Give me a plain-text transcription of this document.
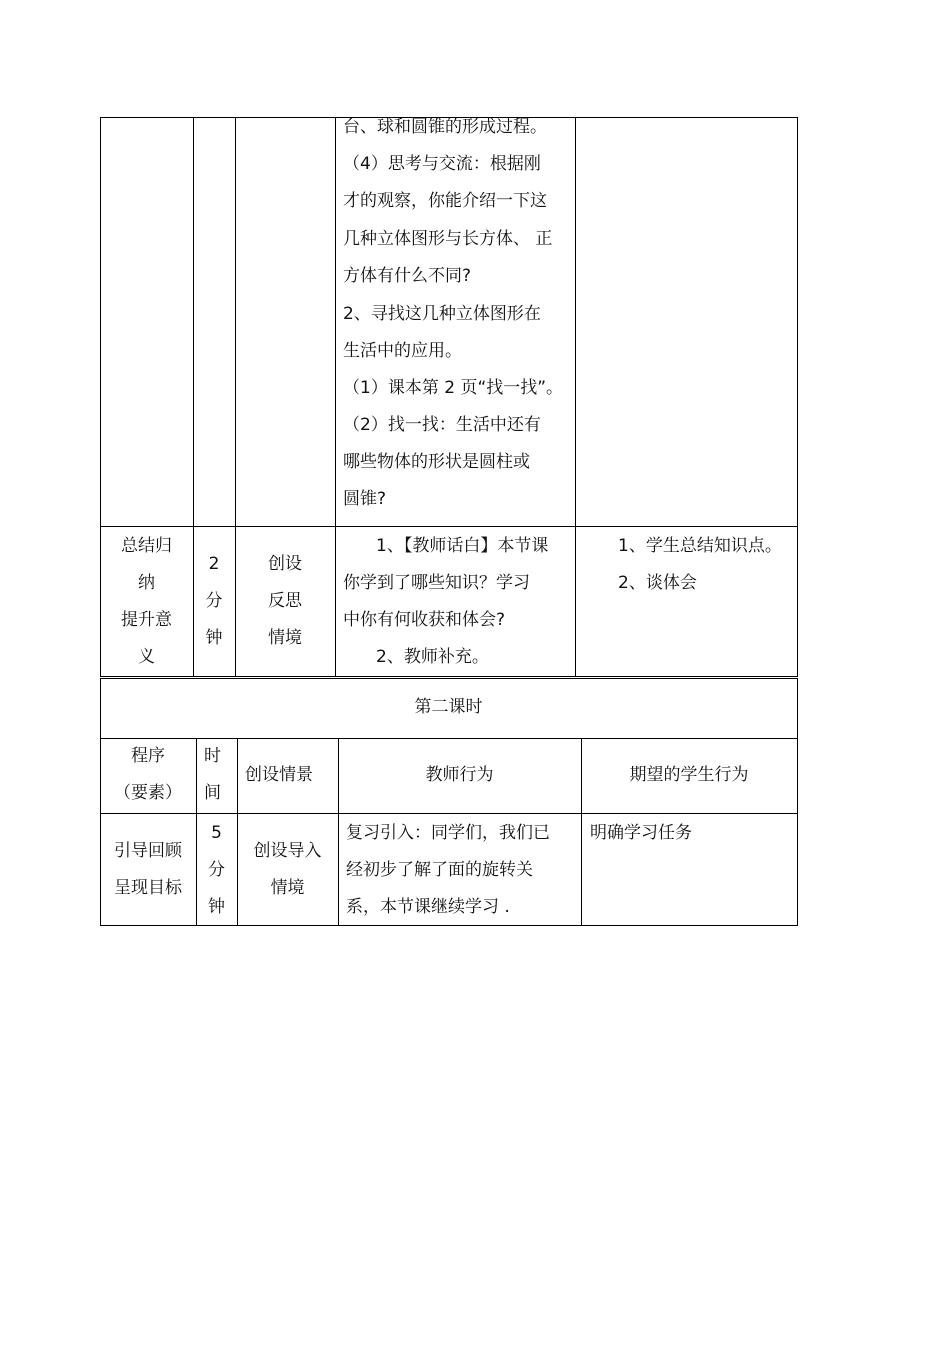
台、球和圆锥的形成过程。
（4）思考与交流：根据刚
才的观察，你能介绍一下这
几种立体图形与长方体、 正
方体有什么不同?
2、寻找这几种立体图形在
生活中的应用。
（1）课本第 2 页“找一找”。
（2）找一找：生活中还有
哪些物体的形状是圆柱或
圆锥?
总结归
纳
提升意
义
2
分
钟
创设
反思
情境
1、【教师话白】本节课
你学到了哪些知识？学习
中你有何收获和体会?
2、教师补充。
1、学生总结知识点。
2、谈体会
第二课时
程序
（要素）
时
间
创设情景	教师行为	期望的学生行为
引导回顾
呈现目标
5
分
钟
创设导入
情境
复习引入：同学们，我们已
经初步了解了面的旋转关
系，本节课继续学习 .
明确学习任务
